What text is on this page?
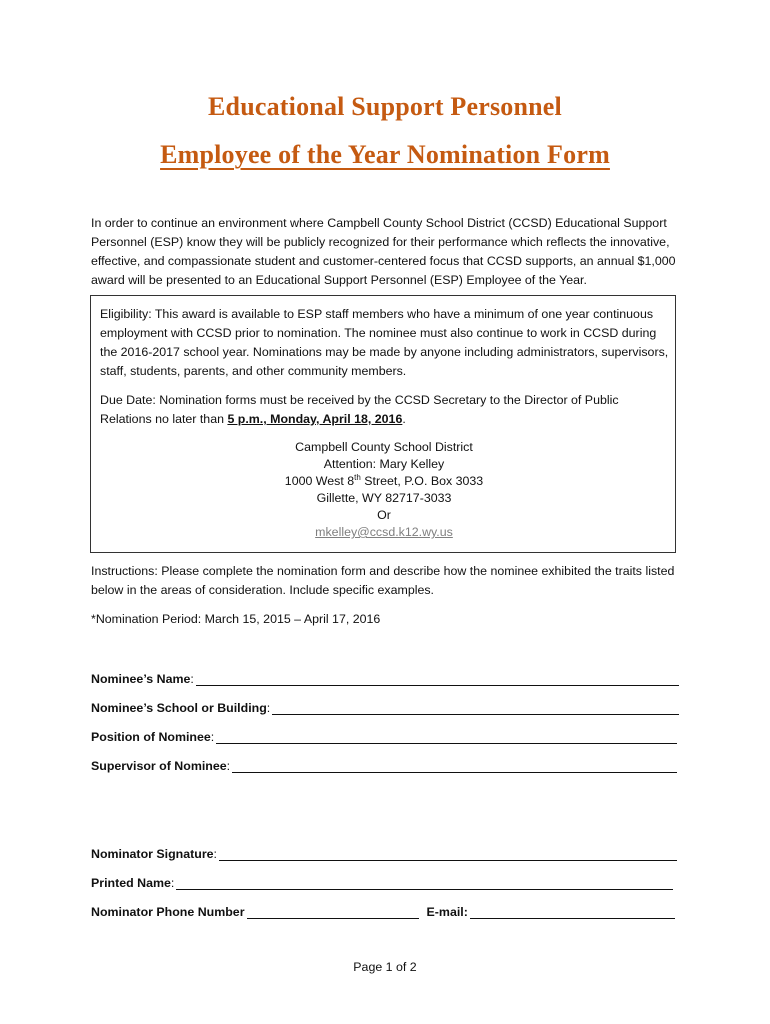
Educational Support Personnel
Employee of the Year Nomination Form
In order to continue an environment where Campbell County School District (CCSD) Educational Support Personnel (ESP) know they will be publicly recognized for their performance which reflects the innovative, effective, and compassionate student and customer-centered focus that CCSD supports, an annual $1,000 award will be presented to an Educational Support Personnel (ESP) Employee of the Year.
Eligibility: This award is available to ESP staff members who have a minimum of one year continuous employment with CCSD prior to nomination. The nominee must also continue to work in CCSD during the 2016-2017 school year. Nominations may be made by anyone including administrators, supervisors, staff, students, parents, and other community members.
Due Date: Nomination forms must be received by the CCSD Secretary to the Director of Public Relations no later than 5 p.m., Monday, April 18, 2016.
Campbell County School District
Attention: Mary Kelley
1000 West 8th Street, P.O. Box 3033
Gillette, WY 82717-3033
Or
mkelley@ccsd.k12.wy.us
Instructions: Please complete the nomination form and describe how the nominee exhibited the traits listed below in the areas of consideration. Include specific examples.
*Nomination Period: March 15, 2015 – April 17, 2016
Nominee’s Name:
Nominee’s School or Building:
Position of Nominee:
Supervisor of Nominee:
Nominator Signature:
Printed Name:
Nominator Phone Number	E-mail:
Page 1 of 2
